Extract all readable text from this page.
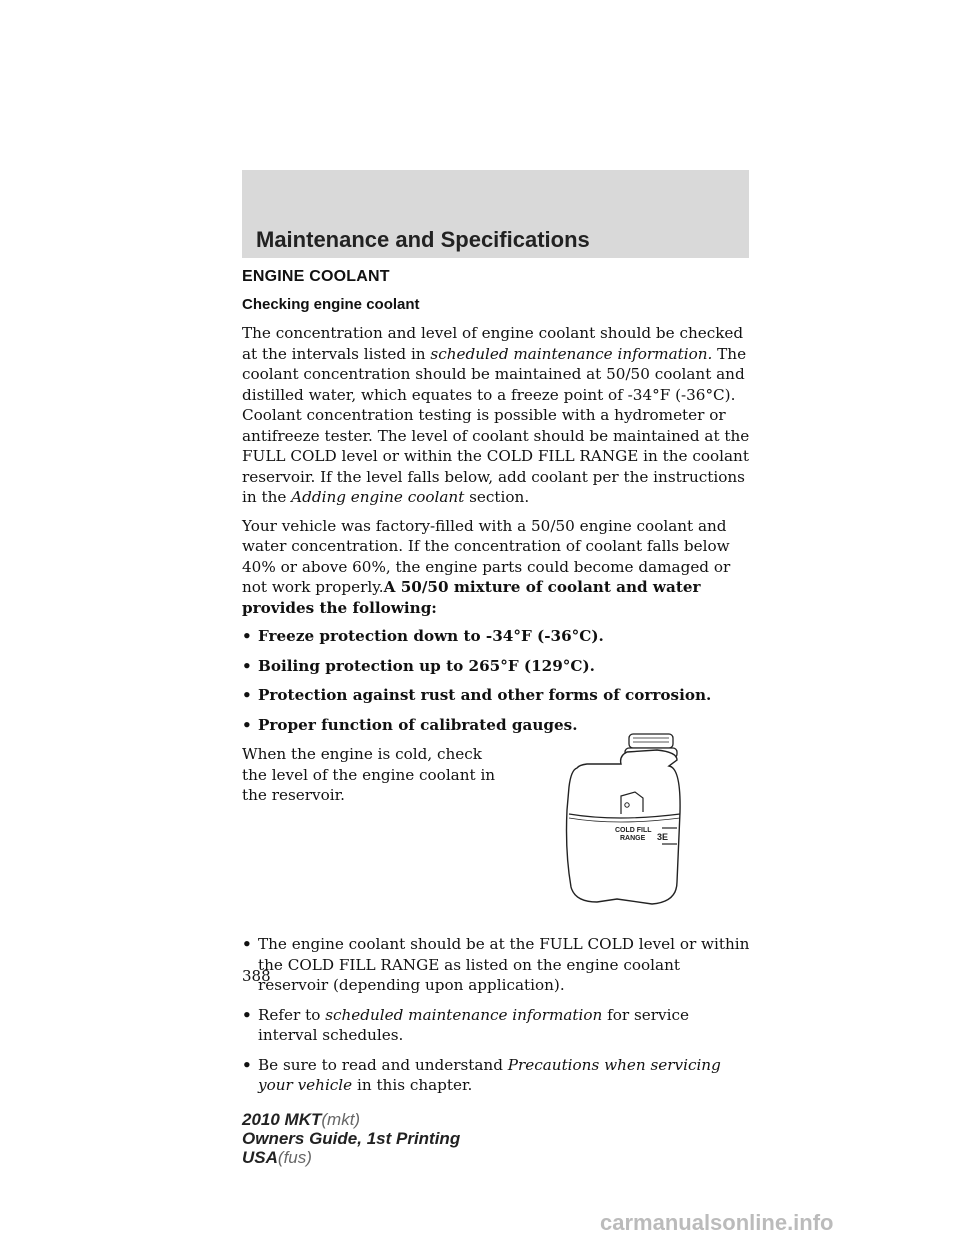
Maintenance and Specifications
ENGINE COOLANT
Checking engine coolant

The concentration and level of engine coolant should be checked at the intervals listed in scheduled maintenance information. The coolant concentration should be maintained at 50/50 coolant and distilled water, which equates to a freeze point of -34°F (-36°C). Coolant concentration testing is possible with a hydrometer or antifreeze tester. The level of coolant should be maintained at the FULL COLD level or within the COLD FILL RANGE in the coolant reservoir. If the level falls below, add coolant per the instructions in the Adding engine coolant section.

Your vehicle was factory-filled with a 50/50 engine coolant and water concentration. If the concentration of coolant falls below 40% or above 60%, the engine parts could become damaged or not work properly.A 50/50 mixture of coolant and water provides the following:

• Freeze protection down to -34°F (-36°C).
• Boiling protection up to 265°F (129°C).
• Protection against rust and other forms of corrosion.
• Proper function of calibrated gauges.
When the engine is cold, check the level of the engine coolant in the reservoir.
3E
COLD FILL
RANGE
• The engine coolant should be at the FULL COLD level or within the COLD FILL RANGE as listed on the engine coolant reservoir (depending upon application).
• Refer to scheduled maintenance information for service interval schedules.
• Be sure to read and understand Precautions when servicing your vehicle in this chapter.
388
2010 MKT(mkt)
Owners Guide, 1st Printing
USA(fus)
carmanualsonline.info
